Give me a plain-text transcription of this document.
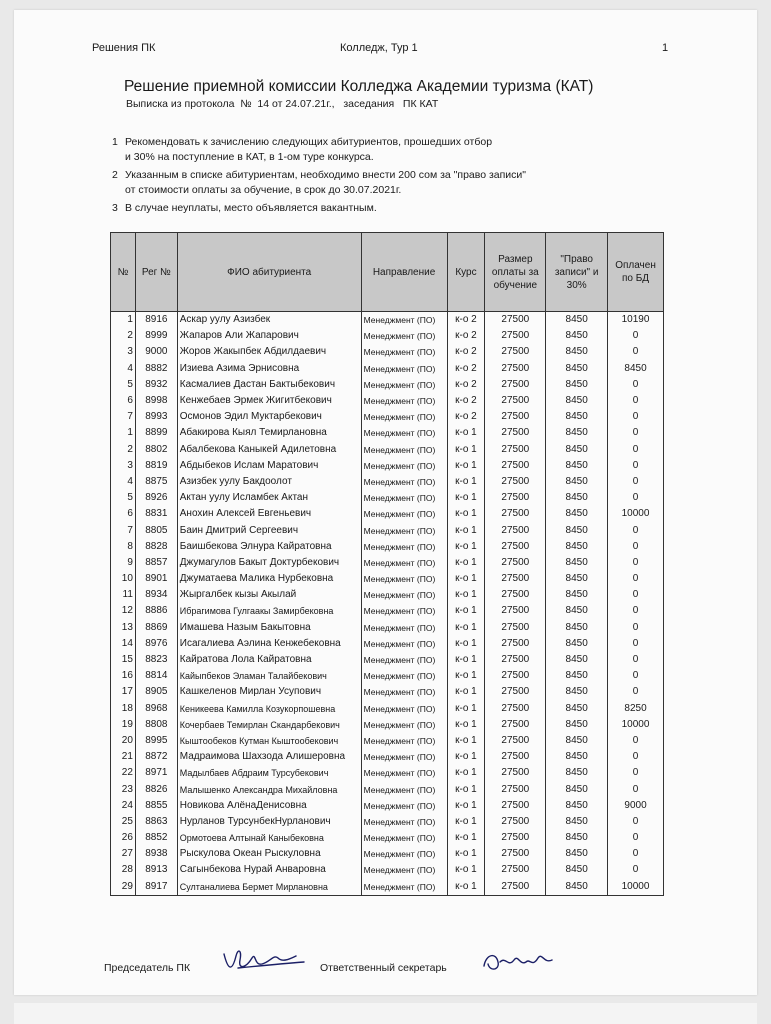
Решения ПК	Колледж, Тур 1	1
Решение приемной комиссии Колледжа Академии туризма (КАТ)
Выписка из протокола  №  14 от 24.07.21г.,   заседания   ПК КАТ
1 Рекомендовать к зачислению следующих абитуриентов, прошедших отбор
и 30% на поступление в КАТ, в 1-ом туре конкурса.
2 Указанным в списке абитуриентам, необходимо внести 200 сом за "право записи"
от стоимости оплаты за обучение, в срок до 30.07.2021г.
3 В случае неуплаты, место объявляется вакантным.
№	Рег №	ФИО абитуриента	Направление	Курс	Размер
оплаты за
обучение	"Право
записи" и
30%	Оплачен
по БД
1	8916	Аскар уулу Азизбек	Менеджмент (ПО)	к-о 2	27500	8450	10190
2	8999	Жапаров Али Жапарович	Менеджмент (ПО)	к-о 2	27500	8450	0
3	9000	Жоров Жакыпбек Абдилдаевич	Менеджмент (ПО)	к-о 2	27500	8450	0
4	8882	Изиева Азима Эрнисовна	Менеджмент (ПО)	к-о 2	27500	8450	8450
5	8932	Касмалиев Дастан Бактыбекович	Менеджмент (ПО)	к-о 2	27500	8450	0
6	8998	Кенжебаев Эрмек Жигитбекович	Менеджмент (ПО)	к-о 2	27500	8450	0
7	8993	Осмонов Эдил Муктарбекович	Менеджмент (ПО)	к-о 2	27500	8450	0
1	8899	Абакирова Кыял Темирлановна	Менеджмент (ПО)	к-о 1	27500	8450	0
2	8802	Абалбекова Каныкей Адилетовна	Менеджмент (ПО)	к-о 1	27500	8450	0
3	8819	Абдыбеков Ислам Маратович	Менеджмент (ПО)	к-о 1	27500	8450	0
4	8875	Азизбек уулу Бакдоолот	Менеджмент (ПО)	к-о 1	27500	8450	0
5	8926	Актан уулу Исламбек Актан	Менеджмент (ПО)	к-о 1	27500	8450	0
6	8831	Анохин Алексей Евгеньевич	Менеджмент (ПО)	к-о 1	27500	8450	10000
7	8805	Баин Дмитрий Сергеевич	Менеджмент (ПО)	к-о 1	27500	8450	0
8	8828	Баишбекова Элнура Кайратовна	Менеджмент (ПО)	к-о 1	27500	8450	0
9	8857	Джумагулов Бакыт Доктурбекович	Менеджмент (ПО)	к-о 1	27500	8450	0
10	8901	Джуматаева Малика Нурбековна	Менеджмент (ПО)	к-о 1	27500	8450	0
11	8934	Жыргалбек кызы Акылай	Менеджмент (ПО)	к-о 1	27500	8450	0
12	8886	Ибрагимова Гулгаакы Замирбековна	Менеджмент (ПО)	к-о 1	27500	8450	0
13	8869	Имашева Назым Бакытовна	Менеджмент (ПО)	к-о 1	27500	8450	0
14	8976	Исагалиева Аэлина Кенжебековна	Менеджмент (ПО)	к-о 1	27500	8450	0
15	8823	Кайратова Лола Кайратовна	Менеджмент (ПО)	к-о 1	27500	8450	0
16	8814	Кайыпбеков Эламан Талайбекович	Менеджмент (ПО)	к-о 1	27500	8450	0
17	8905	Кашкеленов Мирлан Усупович	Менеджмент (ПО)	к-о 1	27500	8450	0
18	8968	Кеникеева Камилла Козукорпошевна	Менеджмент (ПО)	к-о 1	27500	8450	8250
19	8808	Кочербаев Темирлан Скандарбекович	Менеджмент (ПО)	к-о 1	27500	8450	10000
20	8995	Кыштообеков Кутман Кыштообекович	Менеджмент (ПО)	к-о 1	27500	8450	0
21	8872	Мадраимова Шахзода Алишеровна	Менеджмент (ПО)	к-о 1	27500	8450	0
22	8971	Мадылбаев Абдраим Турсубекович	Менеджмент (ПО)	к-о 1	27500	8450	0
23	8826	Малышенко Александра Михайловна	Менеджмент (ПО)	к-о 1	27500	8450	0
24	8855	Новикова АлёнаДенисовна	Менеджмент (ПО)	к-о 1	27500	8450	9000
25	8863	Нурланов ТурсунбекНурланович	Менеджмент (ПО)	к-о 1	27500	8450	0
26	8852	Ормотоева Алтынай Каныбековна	Менеджмент (ПО)	к-о 1	27500	8450	0
27	8938	Рыскулова Океан Рыскуловна	Менеджмент (ПО)	к-о 1	27500	8450	0
28	8913	Сагынбекова Нурай Анваровна	Менеджмент (ПО)	к-о 1	27500	8450	0
29	8917	Султаналиева Бермет Мирлановна	Менеджмент (ПО)	к-о 1	27500	8450	10000
Председатель ПК	Ответственный секретарь
